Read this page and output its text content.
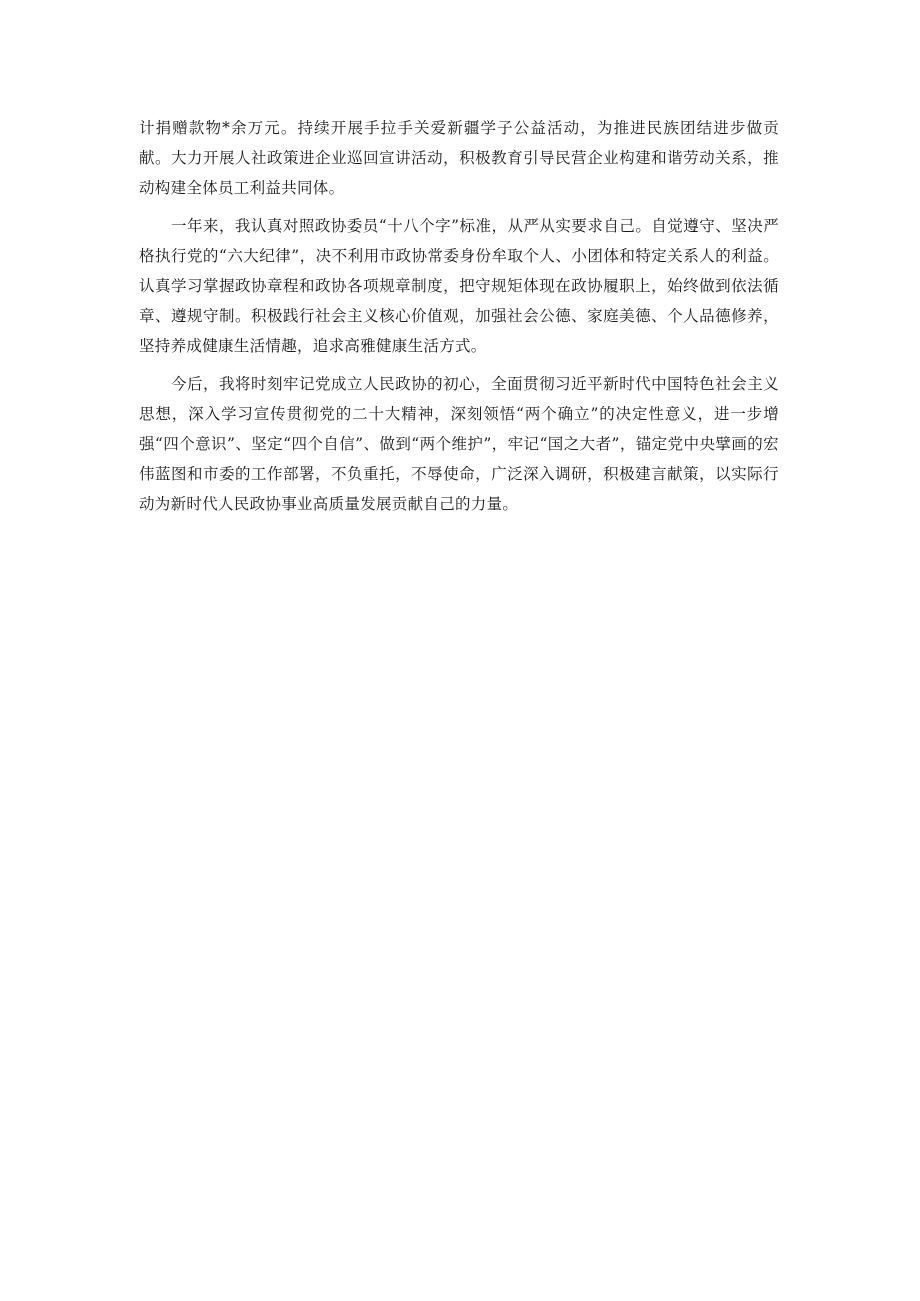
计捐赠款物*余万元。持续开展手拉手关爱新疆学子公益活动，为推进民族团结进步做贡献。大力开展人社政策进企业巡回宣讲活动，积极教育引导民营企业构建和谐劳动关系，推动构建全体员工利益共同体。

一年来，我认真对照政协委员“十八个字”标准，从严从实要求自己。自觉遵守、坚决严格执行党的“六大纪律”，决不利用市政协常委身份牟取个人、小团体和特定关系人的利益。认真学习掌握政协章程和政协各项规章制度，把守规矩体现在政协履职上，始终做到依法循章、遵规守制。积极践行社会主义核心价值观，加强社会公德、家庭美德、个人品德修养，坚持养成健康生活情趣，追求高雅健康生活方式。

今后，我将时刻牢记党成立人民政协的初心，全面贯彻习近平新时代中国特色社会主义思想，深入学习宣传贯彻党的二十大精神，深刻领悟“两个确立”的决定性意义，进一步增强“四个意识”、坚定“四个自信”、做到“两个维护”，牢记“国之大者”，锚定党中央擘画的宏伟蓝图和市委的工作部署，不负重托，不辱使命，广泛深入调研，积极建言献策，以实际行动为新时代人民政协事业高质量发展贡献自己的力量。
